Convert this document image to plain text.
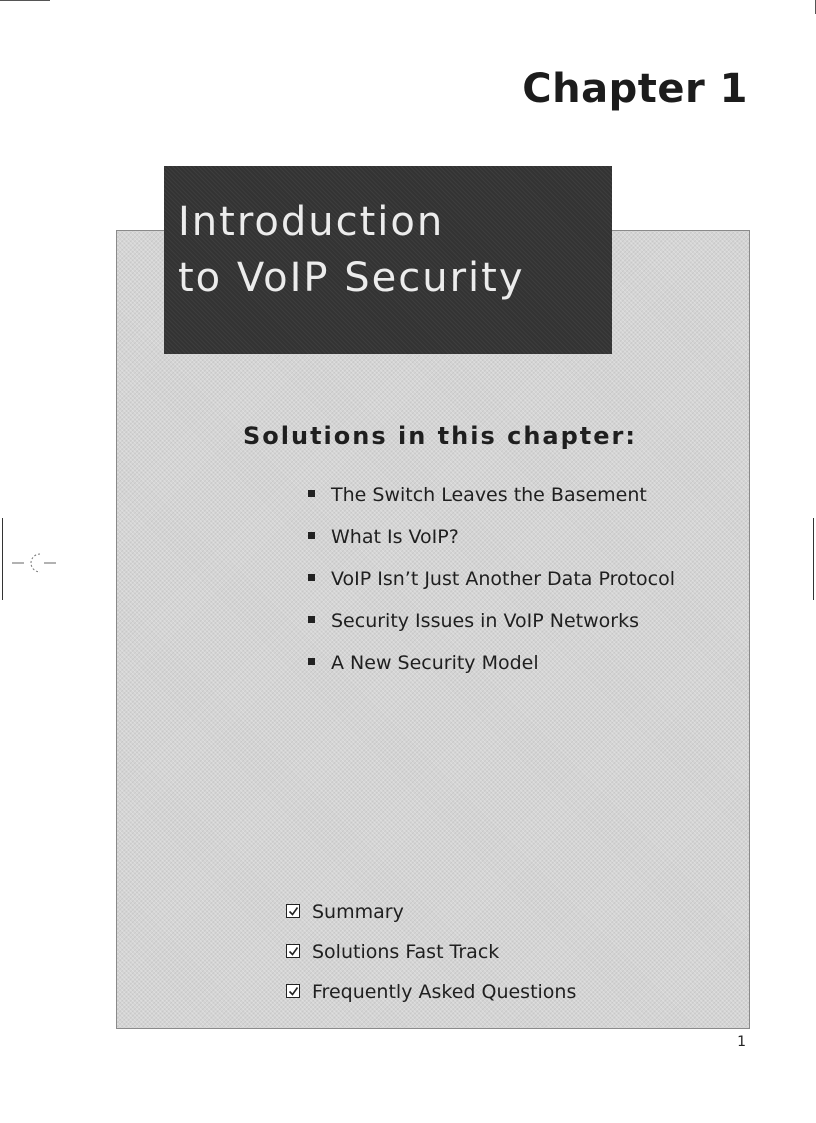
Chapter 1
Introduction
to VoIP Security
Solutions in this chapter:
The Switch Leaves the Basement
What Is VoIP?
VoIP Isn’t Just Another Data Protocol
Security Issues in VoIP Networks
A New Security Model
Summary
Solutions Fast Track
Frequently Asked Questions

1
